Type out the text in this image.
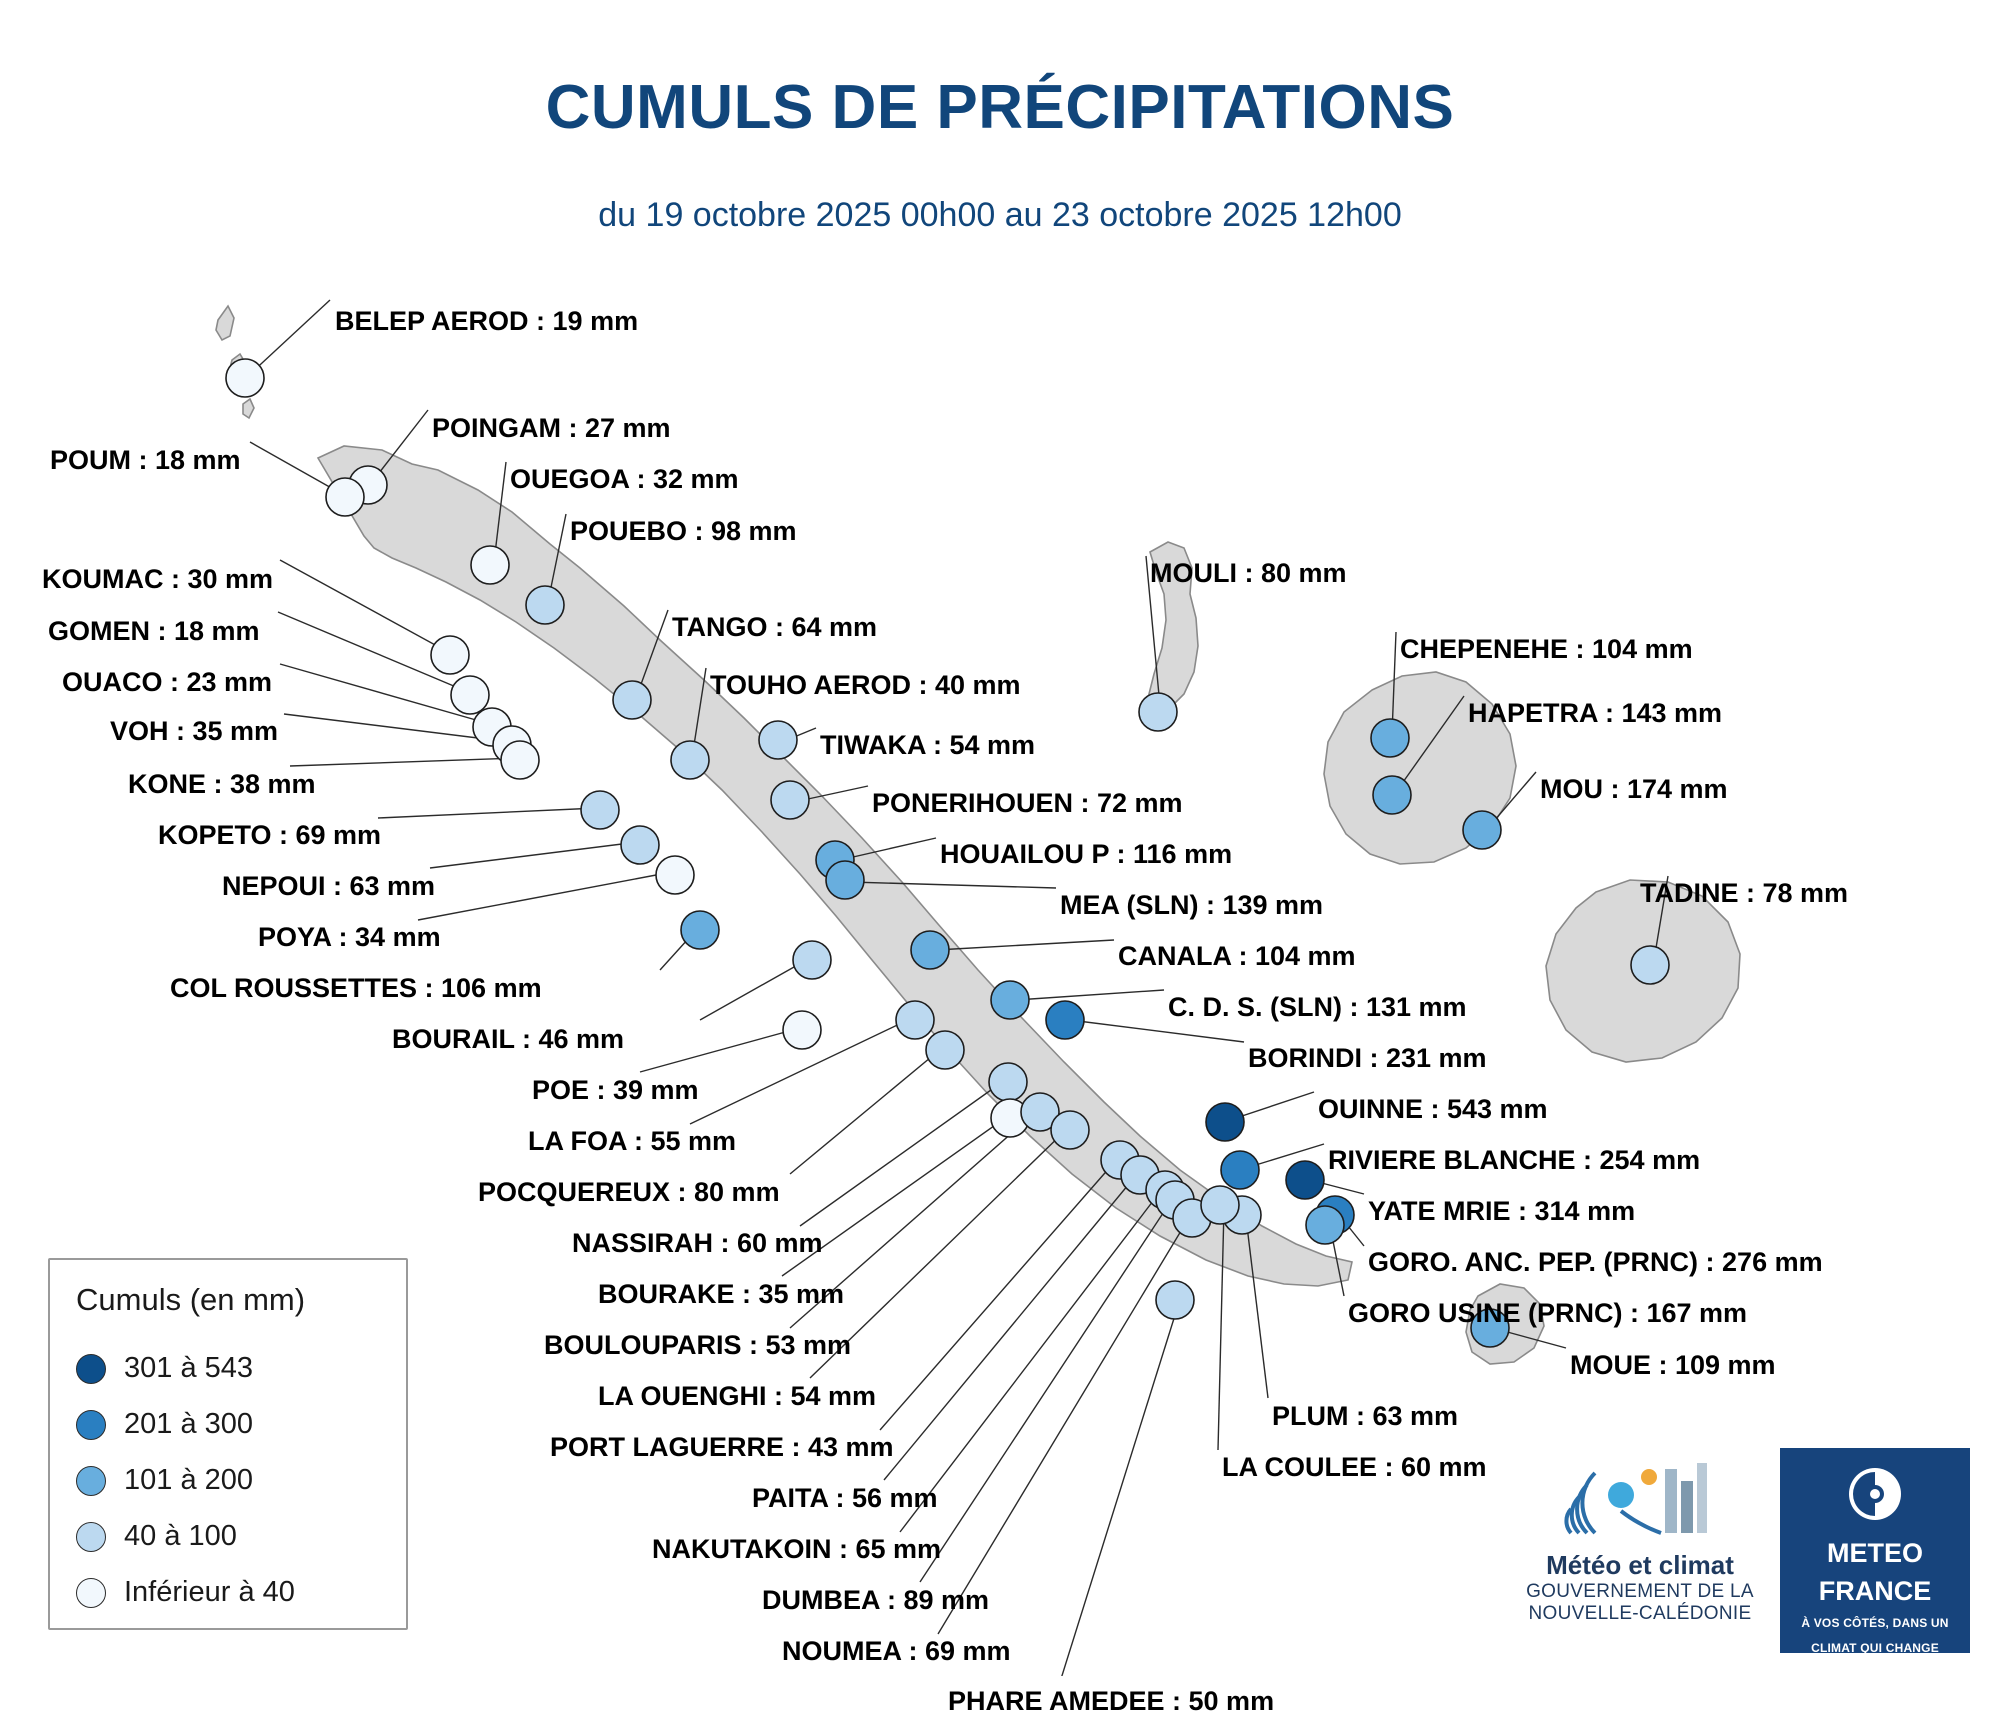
CUMULS DE PRÉCIPITATIONS
du 19 octobre 2025 00h00 au 23 octobre 2025 12h00
BELEP AEROD : 19 mm
POINGAM : 27 mm
POUM : 18 mm
OUEGOA : 32 mm
POUEBO : 98 mm
KOUMAC : 30 mm
GOMEN : 18 mm
OUACO : 23 mm
VOH : 35 mm
KONE : 38 mm
KOPETO : 69 mm
NEPOUI : 63 mm
POYA : 34 mm
COL ROUSSETTES : 106 mm
BOURAIL : 46 mm
POE : 39 mm
LA FOA : 55 mm
POCQUEREUX : 80 mm
NASSIRAH : 60 mm
BOURAKE : 35 mm
BOULOUPARIS : 53 mm
LA OUENGHI : 54 mm
PORT LAGUERRE : 43 mm
PAITA : 56 mm
NAKUTAKOIN : 65 mm
DUMBEA : 89 mm
NOUMEA : 69 mm
PHARE AMEDEE : 50 mm
TANGO : 64 mm
TOUHO AEROD : 40 mm
TIWAKA : 54 mm
PONERIHOUEN : 72 mm
HOUAILOU P : 116 mm
MEA (SLN) : 139 mm
CANALA : 104 mm
C. D. S. (SLN) : 131 mm
BORINDI : 231 mm
OUINNE : 543 mm
RIVIERE BLANCHE : 254 mm
YATE MRIE : 314 mm
GORO. ANC. PEP. (PRNC) : 276 mm
GORO USINE (PRNC) : 167 mm
MOUE : 109 mm
PLUM : 63 mm
LA COULEE : 60 mm
MOULI : 80 mm
CHEPENEHE : 104 mm
HAPETRA : 143 mm
MOU : 174 mm
TADINE : 78 mm
Cumuls (en mm)
301 à 543
201 à 300
101 à 200
40 à 100
Inférieur à 40
Météo et climat
GOUVERNEMENT DE LA
NOUVELLE-CALÉDONIE
METEO
FRANCE
À VOS CÔTÉS, DANS UN
CLIMAT QUI CHANGE
